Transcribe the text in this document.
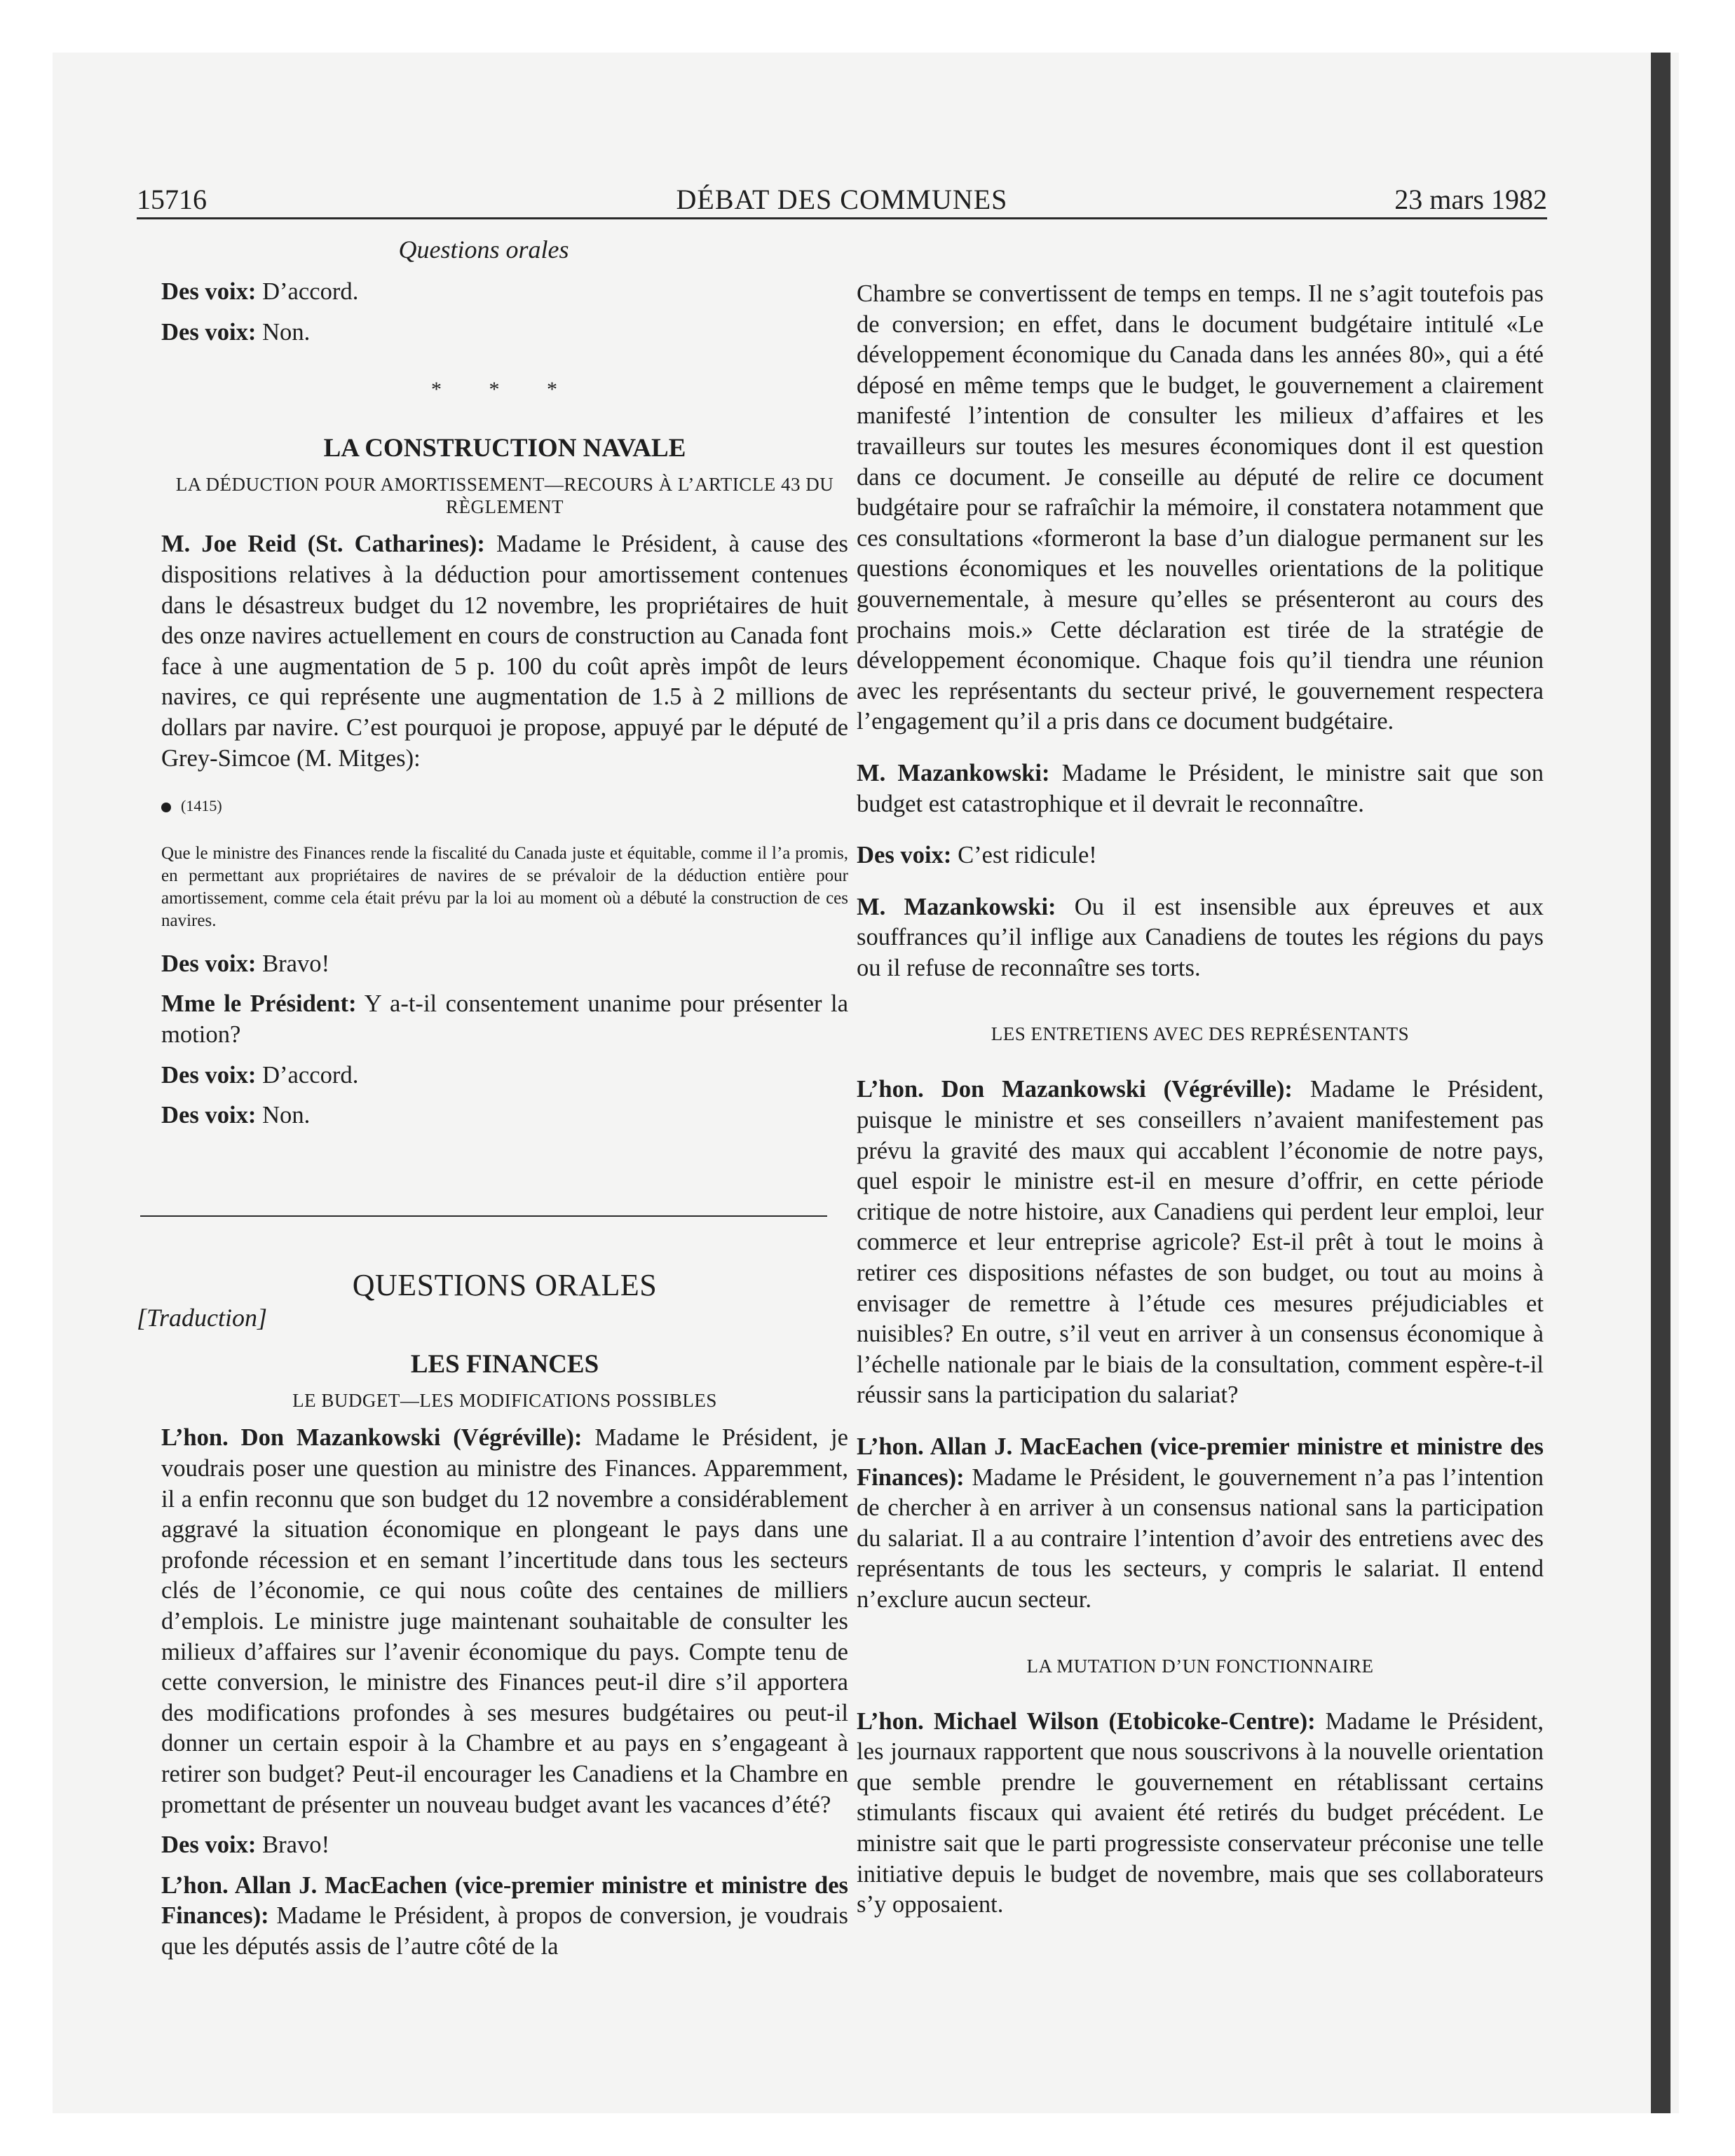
15716	DÉBAT DES COMMUNES	23 mars 1982
Questions orales

Des voix: D’accord.

Des voix: Non.

* * *
LA CONSTRUCTION NAVALE
LA DÉDUCTION POUR AMORTISSEMENT—RECOURS À L’ARTICLE 43 DU RÈGLEMENT

M. Joe Reid (St. Catharines): Madame le Président, à cause des dispositions relatives à la déduction pour amortissement contenues dans le désastreux budget du 12 novembre, les propriétaires de huit des onze navires actuellement en cours de construction au Canada font face à une augmentation de 5 p. 100 du coût après impôt de leurs navires, ce qui représente une augmentation de 1.5 à 2 millions de dollars par navire. C’est pourquoi je propose, appuyé par le député de Grey-Simcoe (M. Mitges):

(1415)

Que le ministre des Finances rende la fiscalité du Canada juste et équitable, comme il l’a promis, en permettant aux propriétaires de navires de se prévaloir de la déduction entière pour amortissement, comme cela était prévu par la loi au moment où a débuté la construction de ces navires.

Des voix: Bravo!

Mme le Président: Y a-t-il consentement unanime pour présenter la motion?

Des voix: D’accord.

Des voix: Non.

QUESTIONS ORALES
[Traduction]
LES FINANCES
LE BUDGET—LES MODIFICATIONS POSSIBLES

L’hon. Don Mazankowski (Végréville): Madame le Président, je voudrais poser une question au ministre des Finances. Apparemment, il a enfin reconnu que son budget du 12 novembre a considérablement aggravé la situation économique en plongeant le pays dans une profonde récession et en semant l’incertitude dans tous les secteurs clés de l’économie, ce qui nous coûte des centaines de milliers d’emplois. Le ministre juge maintenant souhaitable de consulter les milieux d’affaires sur l’avenir économique du pays. Compte tenu de cette conversion, le ministre des Finances peut-il dire s’il apportera des modifications profondes à ses mesures budgétaires ou peut-il donner un certain espoir à la Chambre et au pays en s’engageant à retirer son budget? Peut-il encourager les Canadiens et la Chambre en promettant de présenter un nouveau budget avant les vacances d’été?

Des voix: Bravo!

L’hon. Allan J. MacEachen (vice-premier ministre et ministre des Finances): Madame le Président, à propos de conversion, je voudrais que les députés assis de l’autre côté de la

Chambre se convertissent de temps en temps. Il ne s’agit toutefois pas de conversion; en effet, dans le document budgétaire intitulé «Le développement économique du Canada dans les années 80», qui a été déposé en même temps que le budget, le gouvernement a clairement manifesté l’intention de consulter les milieux d’affaires et les travailleurs sur toutes les mesures économiques dont il est question dans ce document. Je conseille au député de relire ce document budgétaire pour se rafraîchir la mémoire, il constatera notamment que ces consultations «formeront la base d’un dialogue permanent sur les questions économiques et les nouvelles orientations de la politique gouvernementale, à mesure qu’elles se présenteront au cours des prochains mois.» Cette déclaration est tirée de la stratégie de développement économique. Chaque fois qu’il tiendra une réunion avec les représentants du secteur privé, le gouvernement respectera l’engagement qu’il a pris dans ce document budgétaire.

M. Mazankowski: Madame le Président, le ministre sait que son budget est catastrophique et il devrait le reconnaître.

Des voix: C’est ridicule!

M. Mazankowski: Ou il est insensible aux épreuves et aux souffrances qu’il inflige aux Canadiens de toutes les régions du pays ou il refuse de reconnaître ses torts.

LES ENTRETIENS AVEC DES REPRÉSENTANTS

L’hon. Don Mazankowski (Végréville): Madame le Président, puisque le ministre et ses conseillers n’avaient manifestement pas prévu la gravité des maux qui accablent l’économie de notre pays, quel espoir le ministre est-il en mesure d’offrir, en cette période critique de notre histoire, aux Canadiens qui perdent leur emploi, leur commerce et leur entreprise agricole? Est-il prêt à tout le moins à retirer ces dispositions néfastes de son budget, ou tout au moins à envisager de remettre à l’étude ces mesures préjudiciables et nuisibles? En outre, s’il veut en arriver à un consensus économique à l’échelle nationale par le biais de la consultation, comment espère-t-il réussir sans la participation du salariat?

L’hon. Allan J. MacEachen (vice-premier ministre et ministre des Finances): Madame le Président, le gouvernement n’a pas l’intention de chercher à en arriver à un consensus national sans la participation du salariat. Il a au contraire l’intention d’avoir des entretiens avec des représentants de tous les secteurs, y compris le salariat. Il entend n’exclure aucun secteur.

LA MUTATION D’UN FONCTIONNAIRE

L’hon. Michael Wilson (Etobicoke-Centre): Madame le Président, les journaux rapportent que nous souscrivons à la nouvelle orientation que semble prendre le gouvernement en rétablissant certains stimulants fiscaux qui avaient été retirés du budget précédent. Le ministre sait que le parti progressiste conservateur préconise une telle initiative depuis le budget de novembre, mais que ses collaborateurs s’y opposaient.
